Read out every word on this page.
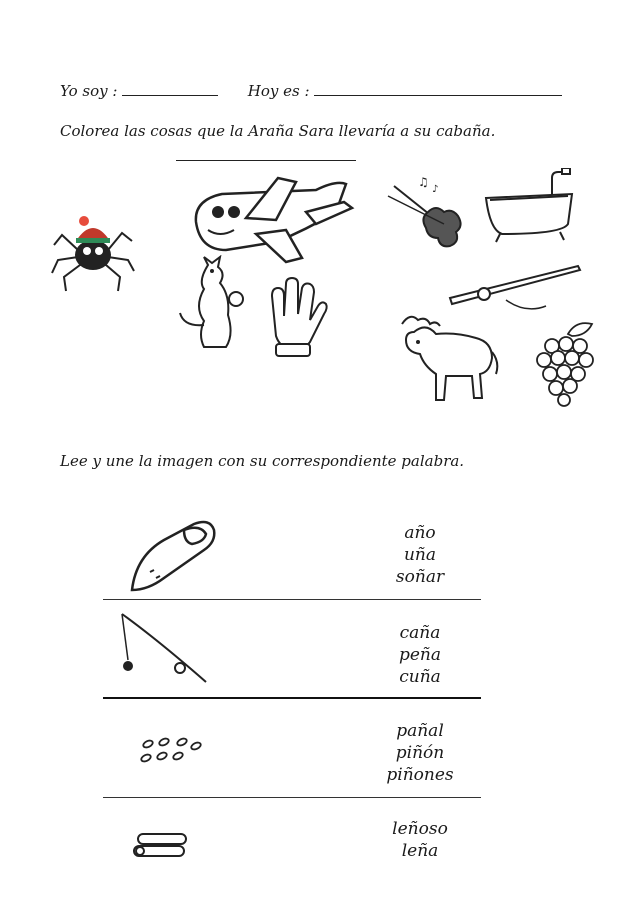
Yo soy :	Hoy es :
Colorea las cosas que la Araña Sara llevaría a su cabaña.
♫
♪
Lee y une la imagen con su correspondiente palabra.
año
uña
soñar
caña
peña
cuña
pañal
piñón
piñones
leñoso
leña
